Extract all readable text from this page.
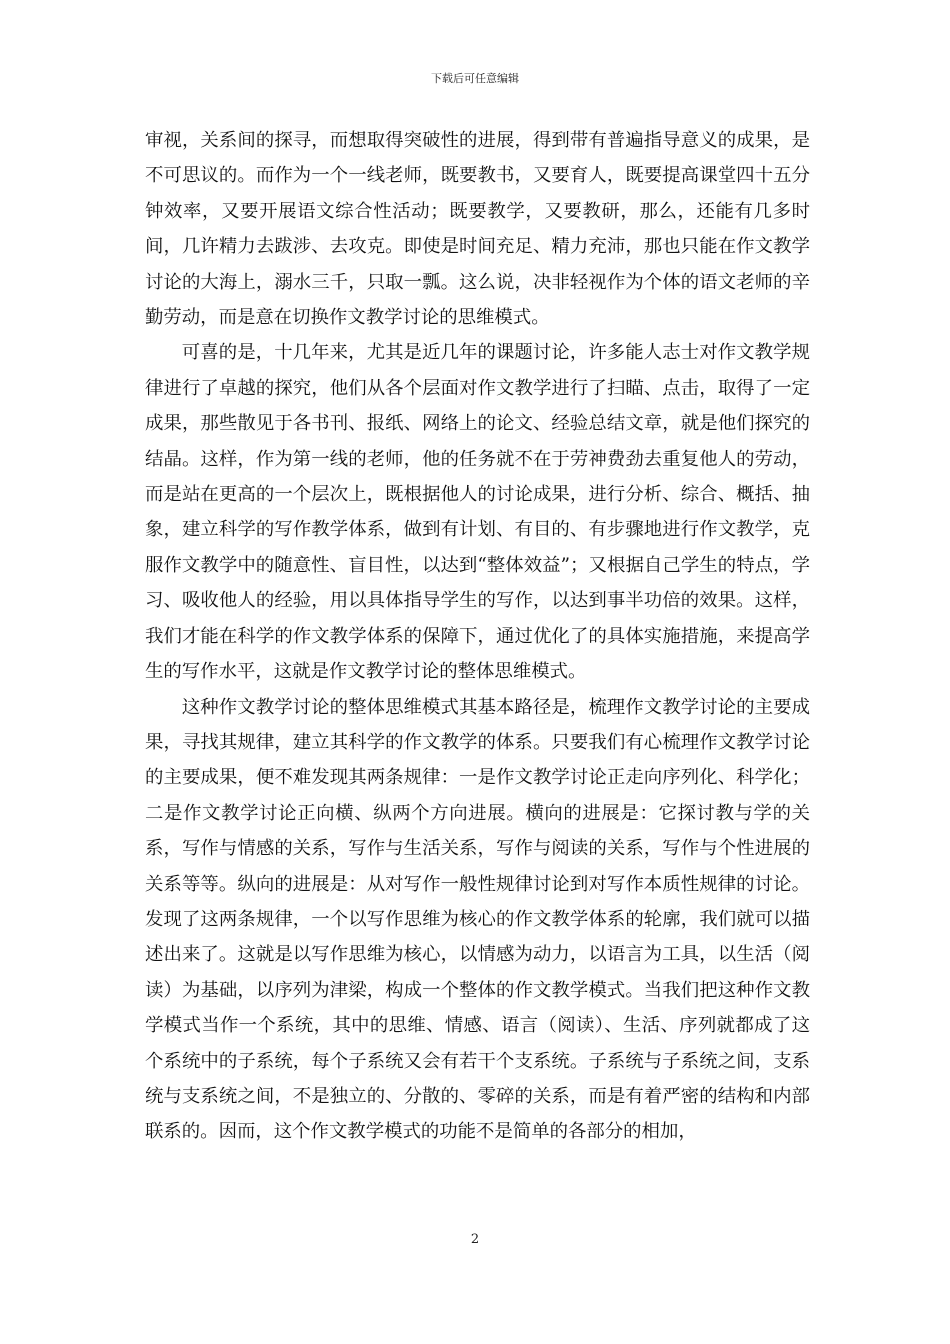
下载后可任意编辑

审视，关系间的探寻，而想取得突破性的进展，得到带有普遍指导意义的成果，是不可思议的。而作为一个一线老师，既要教书，又要育人，既要提高课堂四十五分钟效率，又要开展语文综合性活动；既要教学，又要教研，那么，还能有几多时间，几许精力去跋涉、去攻克。即使是时间充足、精力充沛，那也只能在作文教学讨论的大海上，溺水三千，只取一瓢。这么说，决非轻视作为个体的语文老师的辛勤劳动，而是意在切换作文教学讨论的思维模式。

可喜的是，十几年来，尤其是近几年的课题讨论，许多能人志士对作文教学规律进行了卓越的探究，他们从各个层面对作文教学进行了扫瞄、点击，取得了一定成果，那些散见于各书刊、报纸、网络上的论文、经验总结文章，就是他们探究的结晶。这样，作为第一线的老师，他的任务就不在于劳神费劲去重复他人的劳动，而是站在更高的一个层次上，既根据他人的讨论成果，进行分析、综合、概括、抽象，建立科学的写作教学体系，做到有计划、有目的、有步骤地进行作文教学，克服作文教学中的随意性、盲目性，以达到“整体效益”；又根据自己学生的特点，学习、吸收他人的经验，用以具体指导学生的写作，以达到事半功倍的效果。这样，我们才能在科学的作文教学体系的保障下，通过优化了的具体实施措施，来提高学生的写作水平，这就是作文教学讨论的整体思维模式。

这种作文教学讨论的整体思维模式其基本路径是，梳理作文教学讨论的主要成果，寻找其规律，建立其科学的作文教学的体系。只要我们有心梳理作文教学讨论的主要成果，便不难发现其两条规律：一是作文教学讨论正走向序列化、科学化；二是作文教学讨论正向横、纵两个方向进展。横向的进展是：它探讨教与学的关系，写作与情感的关系，写作与生活关系，写作与阅读的关系，写作与个性进展的关系等等。纵向的进展是：从对写作一般性规律讨论到对写作本质性规律的讨论。发现了这两条规律，一个以写作思维为核心的作文教学体系的轮廓，我们就可以描述出来了。这就是以写作思维为核心，以情感为动力，以语言为工具，以生活（阅读）为基础，以序列为津梁，构成一个整体的作文教学模式。当我们把这种作文教学模式当作一个系统，其中的思维、情感、语言（阅读）、生活、序列就都成了这个系统中的子系统，每个子系统又会有若干个支系统。子系统与子系统之间，支系统与支系统之间，不是独立的、分散的、零碎的关系，而是有着严密的结构和内部联系的。因而，这个作文教学模式的功能不是简单的各部分的相加，

2
